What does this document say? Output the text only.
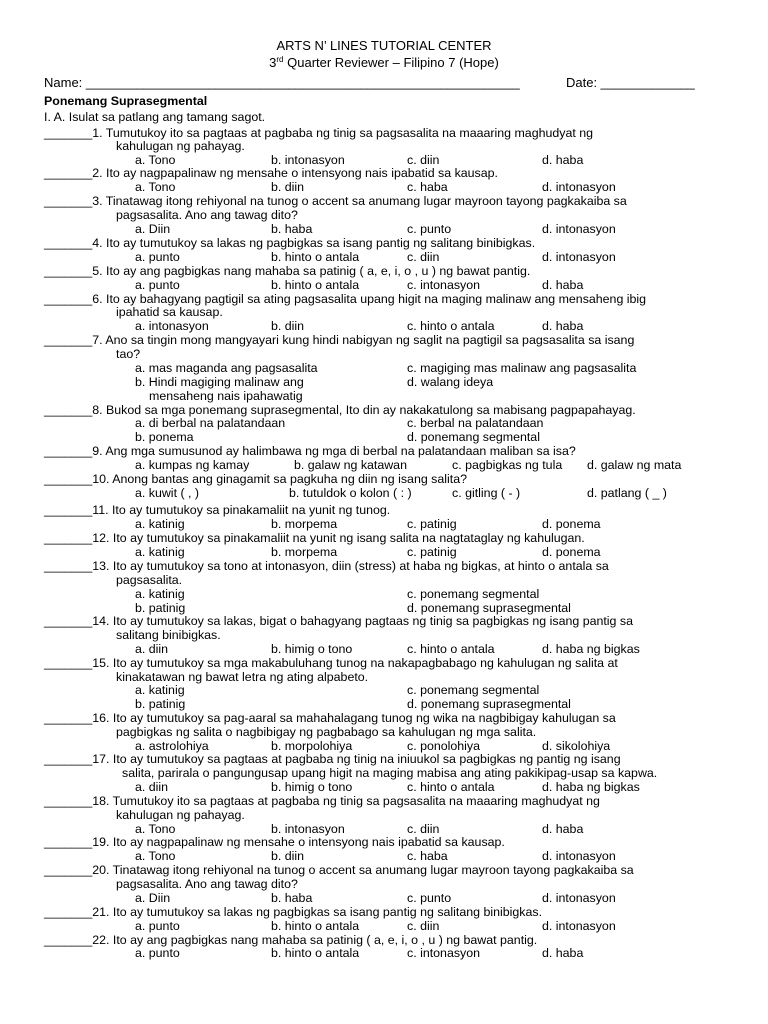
ARTS N’ LINES TUTORIAL CENTER
3rd Quarter Reviewer – Filipino 7 (Hope)
Name: ____________________________________________________________	Date: _____________
Ponemang Suprasegmental
I. A. Isulat sa patlang ang tamang sagot.
_______1. Tumutukoy ito sa pagtaas at pagbaba ng tinig sa pagsasalita na maaaring maghudyat ng
kahulugan ng pahayag.
a. Tono	b. intonasyon	c. diin	d. haba
_______2. Ito ay nagpapalinaw ng mensahe o intensyong nais ipabatid sa kausap.
a. Tono	b. diin	c. haba	d. intonasyon
_______3. Tinatawag itong rehiyonal na tunog o accent sa anumang lugar mayroon tayong pagkakaiba sa
pagsasalita. Ano ang tawag dito?
a. Diin	b. haba	c. punto	d. intonasyon
_______4. Ito ay tumutukoy sa lakas ng pagbigkas sa isang pantig ng salitang binibigkas.
a. punto	b. hinto o antala	c. diin	d. intonasyon
_______5. Ito ay ang pagbigkas nang mahaba sa patinig ( a, e, i, o , u ) ng bawat pantig.
a. punto	b. hinto o antala	c. intonasyon	d. haba
_______6. Ito ay bahagyang pagtigil sa ating pagsasalita upang higit na maging malinaw ang mensaheng ibig
ipahatid sa kausap.
a. intonasyon	b. diin	c. hinto o antala	d. haba
_______7. Ano sa tingin mong mangyayari kung hindi nabigyan ng saglit na pagtigil sa pagsasalita sa isang
tao?
a. mas maganda ang pagsasalita	c. magiging mas malinaw ang pagsasalita
b. Hindi magiging malinaw ang	d. walang ideya
mensaheng nais ipahawatig
_______8. Bukod sa mga ponemang suprasegmental, Ito din ay nakakatulong sa mabisang pagpapahayag.
a. di berbal na palatandaan	c. berbal na palatandaan
b. ponema	d. ponemang segmental
_______9. Ang mga sumusunod ay halimbawa ng mga di berbal na palatandaan maliban sa isa?
a. kumpas ng kamay	b. galaw ng katawan	c. pagbigkas ng tula d. galaw ng mata
_______10. Anong bantas ang ginagamit sa pagkuha ng diin ng isang salita?
a. kuwit ( , )	b. tutuldok o kolon ( : )	c. gitling ( - )	d. patlang ( _ )
_______11. Ito ay tumutukoy sa pinakamaliit na yunit ng tunog.
a. katinig	b. morpema	c. patinig	d. ponema
_______12. Ito ay tumutukoy sa pinakamaliit na yunit ng isang salita na nagtataglay ng kahulugan.
a. katinig	b. morpema	c. patinig	d. ponema
_______13. Ito ay tumutukoy sa tono at intonasyon, diin (stress) at haba ng bigkas, at hinto o antala sa
pagsasalita.
a. katinig	c. ponemang segmental
b. patinig	d. ponemang suprasegmental
_______14. Ito ay tumutukoy sa lakas, bigat o bahagyang pagtaas ng tinig sa pagbigkas ng isang pantig sa
salitang binibigkas.
a. diin	b. himig o tono	c. hinto o antala	d. haba ng bigkas
_______15. Ito ay tumutukoy sa mga makabuluhang tunog na nakapagbabago ng kahulugan ng salita at
kinakatawan ng bawat letra ng ating alpabeto.
a. katinig	c. ponemang segmental
b. patinig	d. ponemang suprasegmental
_______16. Ito ay tumutukoy sa pag-aaral sa mahahalagang tunog ng wika na nagbibigay kahulugan sa
pagbigkas ng salita o nagbibigay ng pagbabago sa kahulugan ng mga salita.
a. astrolohiya	b. morpolohiya	c. ponolohiya	d. sikolohiya
_______17. Ito ay tumutukoy sa pagtaas at pagbaba ng tinig na iniuukol sa pagbigkas ng pantig ng isang
salita, parirala o pangungusap upang higit na maging mabisa ang ating pakikipag-usap sa kapwa.
a. diin	b. himig o tono	c. hinto o antala	d. haba ng bigkas
_______18. Tumutukoy ito sa pagtaas at pagbaba ng tinig sa pagsasalita na maaaring maghudyat ng
kahulugan ng pahayag.
a. Tono	b. intonasyon	c. diin	d. haba
_______19. Ito ay nagpapalinaw ng mensahe o intensyong nais ipabatid sa kausap.
a. Tono	b. diin	c. haba	d. intonasyon
_______20. Tinatawag itong rehiyonal na tunog o accent sa anumang lugar mayroon tayong pagkakaiba sa
pagsasalita. Ano ang tawag dito?
a. Diin	b. haba	c. punto	d. intonasyon
_______21. Ito ay tumutukoy sa lakas ng pagbigkas sa isang pantig ng salitang binibigkas.
a. punto	b. hinto o antala	c. diin	d. intonasyon
_______22. Ito ay ang pagbigkas nang mahaba sa patinig ( a, e, i, o , u ) ng bawat pantig.
a. punto	b. hinto o antala	c. intonasyon	d. haba
